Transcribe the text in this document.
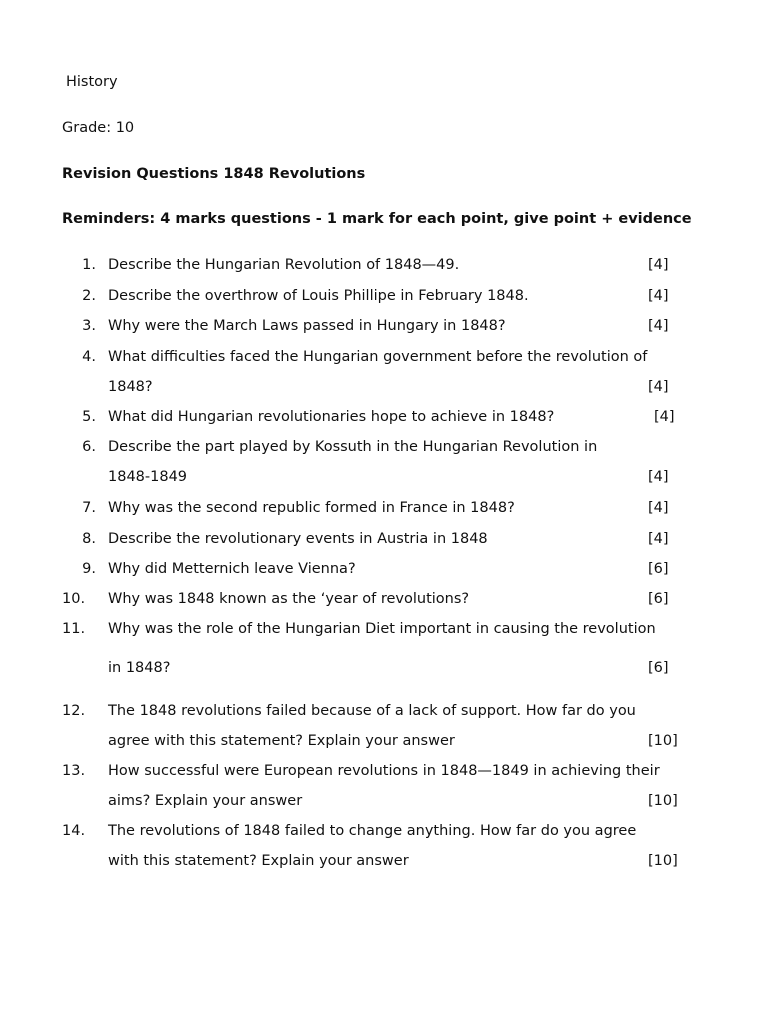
History
Grade: 10
Revision Questions 1848 Revolutions
Reminders: 4 marks questions - 1 mark for each point, give point + evidence
1. Describe the Hungarian Revolution of 1848—49.	[4]
2. Describe the overthrow of Louis Phillipe in February 1848.	[4]
3. Why were the March Laws passed in Hungary in 1848?	[4]
4. What difficulties faced the Hungarian government before the revolution of
1848?	[4]
5. What did Hungarian revolutionaries hope to achieve in 1848?	[4]
6. Describe the part played by Kossuth in the Hungarian Revolution in
1848-1849	[4]
7. Why was the second republic formed in France in 1848?	[4]
8. Describe the revolutionary events in Austria in 1848	[4]
9. Why did Metternich leave Vienna?	[6]
10.	Why was 1848 known as the ‘year of revolutions?	[6]
11.	Why was the role of the Hungarian Diet important in causing the revolution
in 1848?	[6]
12.	The 1848 revolutions failed because of a lack of support. How far do you
agree with this statement? Explain your answer	[10]
13.	How successful were European revolutions in 1848—1849 in achieving their
aims? Explain your answer	[10]
14.	The revolutions of 1848 failed to change anything. How far do you agree
with this statement? Explain your answer	[10]
